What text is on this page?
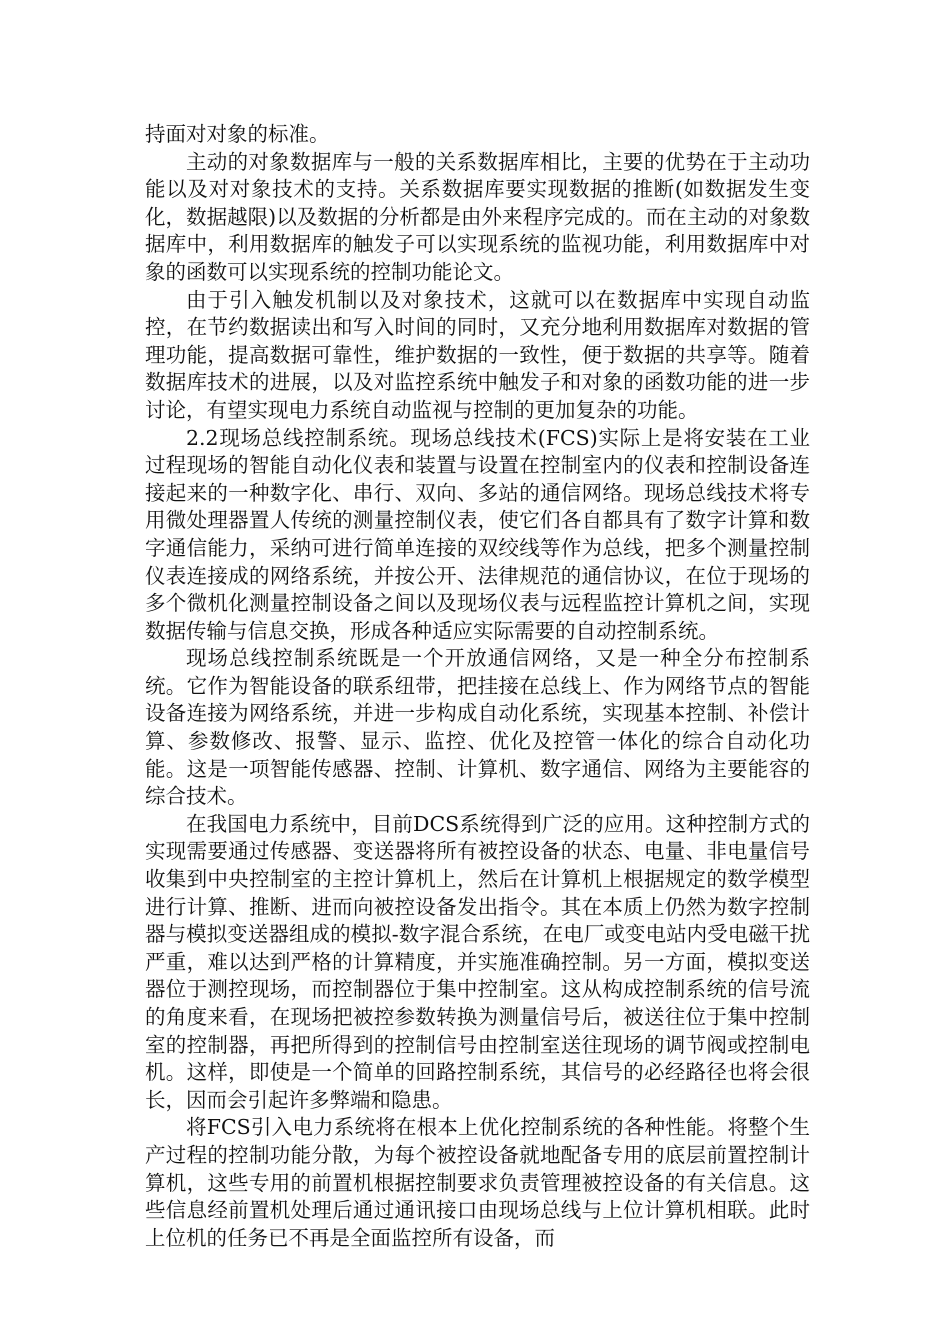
持面对对象的标准。

主动的对象数据库与一般的关系数据库相比，主要的优势在于主动功能以及对对象技术的支持。关系数据库要实现数据的推断(如数据发生变化，数据越限)以及数据的分析都是由外来程序完成的。而在主动的对象数据库中，利用数据库的触发子可以实现系统的监视功能，利用数据库中对象的函数可以实现系统的控制功能论文。

由于引入触发机制以及对象技术，这就可以在数据库中实现自动监控，在节约数据读出和写入时间的同时，又充分地利用数据库对数据的管理功能，提高数据可靠性，维护数据的一致性，便于数据的共享等。随着数据库技术的进展，以及对监控系统中触发子和对象的函数功能的进一步讨论，有望实现电力系统自动监视与控制的更加复杂的功能。

2.2现场总线控制系统。现场总线技术(FCS)实际上是将安装在工业过程现场的智能自动化仪表和装置与设置在控制室内的仪表和控制设备连接起来的一种数字化、串行、双向、多站的通信网络。现场总线技术将专用微处理器置人传统的测量控制仪表，使它们各自都具有了数字计算和数字通信能力，采纳可进行简单连接的双绞线等作为总线，把多个测量控制仪表连接成的网络系统，并按公开、法律规范的通信协议，在位于现场的多个微机化测量控制设备之间以及现场仪表与远程监控计算机之间，实现数据传输与信息交换，形成各种适应实际需要的自动控制系统。

现场总线控制系统既是一个开放通信网络，又是一种全分布控制系统。它作为智能设备的联系纽带，把挂接在总线上、作为网络节点的智能设备连接为网络系统，并进一步构成自动化系统，实现基本控制、补偿计算、参数修改、报警、显示、监控、优化及控管一体化的综合自动化功能。这是一项智能传感器、控制、计算机、数字通信、网络为主要能容的综合技术。

在我国电力系统中，目前DCS系统得到广泛的应用。这种控制方式的实现需要通过传感器、变送器将所有被控设备的状态、电量、非电量信号收集到中央控制室的主控计算机上，然后在计算机上根据规定的数学模型进行计算、推断、进而向被控设备发出指令。其在本质上仍然为数字控制器与模拟变送器组成的模拟-数字混合系统，在电厂或变电站内受电磁干扰严重，难以达到严格的计算精度，并实施准确控制。另一方面，模拟变送器位于测控现场，而控制器位于集中控制室。这从构成控制系统的信号流的角度来看，在现场把被控参数转换为测量信号后，被送往位于集中控制室的控制器，再把所得到的控制信号由控制室送往现场的调节阀或控制电机。这样，即使是一个简单的回路控制系统，其信号的必经路径也将会很长，因而会引起许多弊端和隐患。

将FCS引入电力系统将在根本上优化控制系统的各种性能。将整个生产过程的控制功能分散，为每个被控设备就地配备专用的底层前置控制计算机，这些专用的前置机根据控制要求负责管理被控设备的有关信息。这些信息经前置机处理后通过通讯接口由现场总线与上位计算机相联。此时上位机的任务已不再是全面监控所有设备，而
